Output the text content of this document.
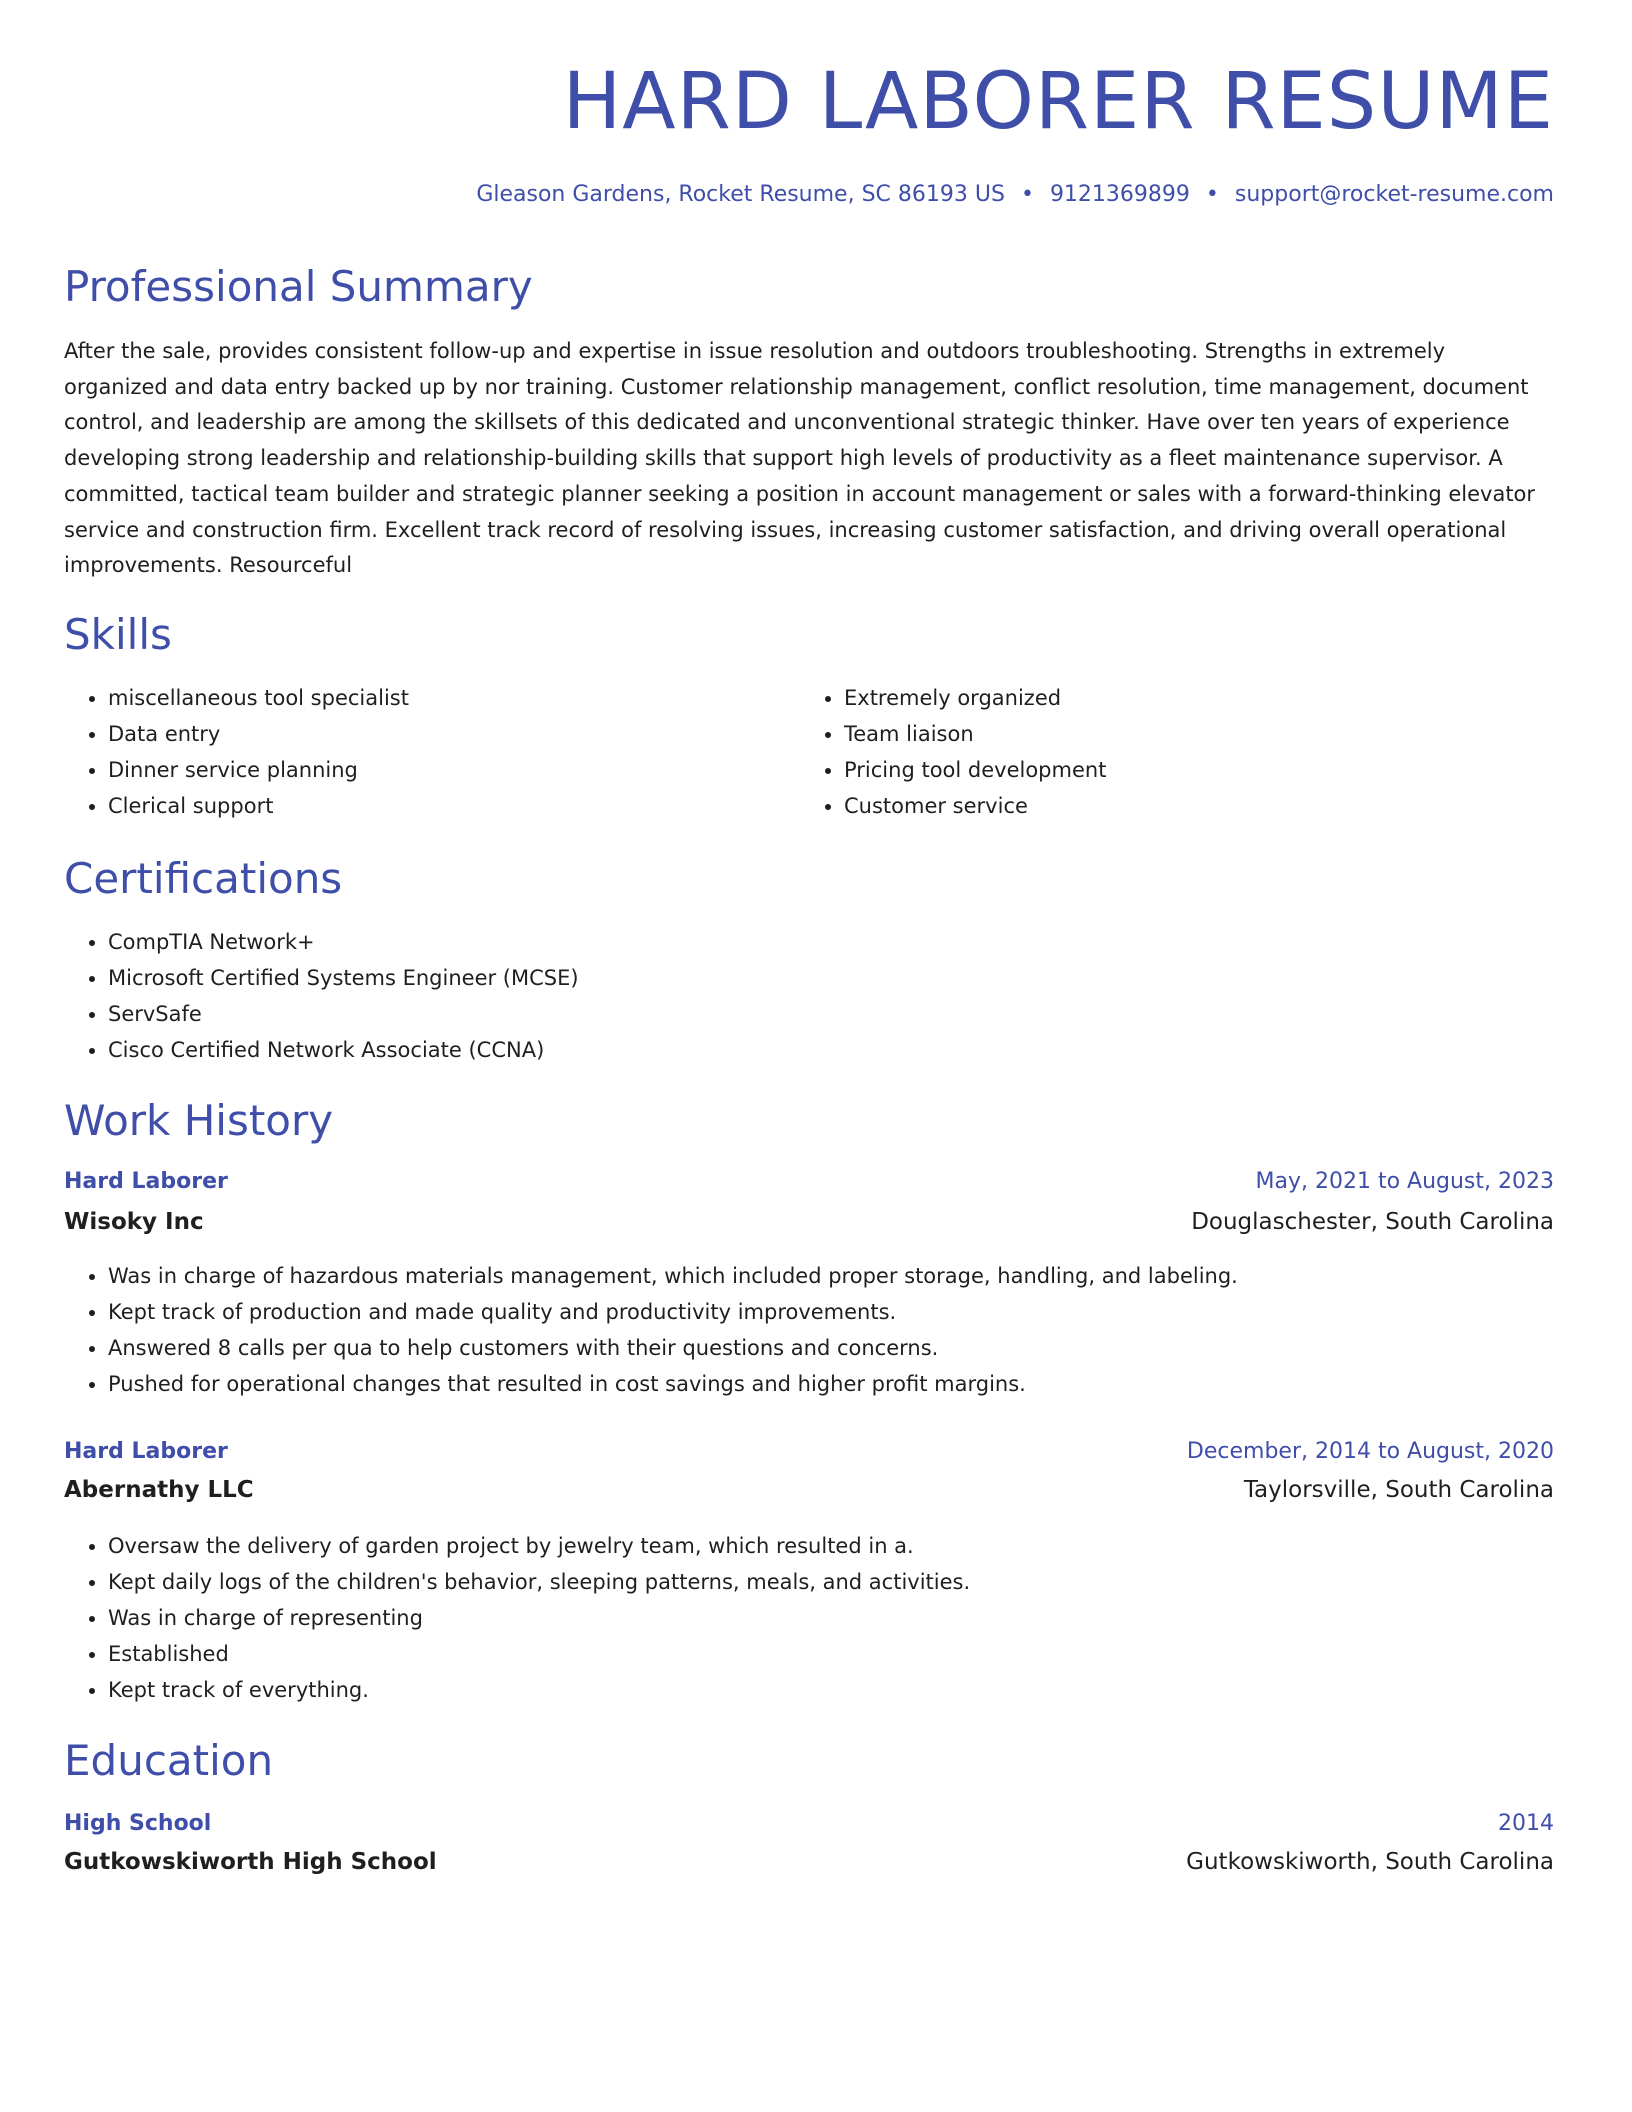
HARD LABORER RESUME
Gleason Gardens, Rocket Resume, SC 86193 US • 9121369899 • support@rocket-resume.com
Professional Summary

After the sale, provides consistent follow-up and expertise in issue resolution and outdoors troubleshooting. Strengths in extremely organized and data entry backed up by nor training. Customer relationship management, conflict resolution, time management, document control, and leadership are among the skillsets of this dedicated and unconventional strategic thinker. Have over ten years of experience developing strong leadership and relationship-building skills that support high levels of productivity as a fleet maintenance supervisor. A committed, tactical team builder and strategic planner seeking a position in account management or sales with a forward-thinking elevator service and construction firm. Excellent track record of resolving issues, increasing customer satisfaction, and driving overall operational improvements. Resourceful

Skills
• miscellaneous tool specialist
• Data entry
• Dinner service planning
• Clerical support
• Extremely organized
• Team liaison
• Pricing tool development
• Customer service
Certifications
• CompTIA Network+
• Microsoft Certified Systems Engineer (MCSE)
• ServSafe
• Cisco Certified Network Associate (CCNA)
Work History
Hard Laborer	May, 2021 to August, 2023
Wisoky Inc	Douglaschester, South Carolina
• Was in charge of hazardous materials management, which included proper storage, handling, and labeling.
• Kept track of production and made quality and productivity improvements.
• Answered 8 calls per qua to help customers with their questions and concerns.
• Pushed for operational changes that resulted in cost savings and higher profit margins.
Hard Laborer	December, 2014 to August, 2020
Abernathy LLC	Taylorsville, South Carolina
• Oversaw the delivery of garden project by jewelry team, which resulted in a.
• Kept daily logs of the children's behavior, sleeping patterns, meals, and activities.
• Was in charge of representing
• Established
• Kept track of everything.
Education
High School	2014
Gutkowskiworth High School	Gutkowskiworth, South Carolina
